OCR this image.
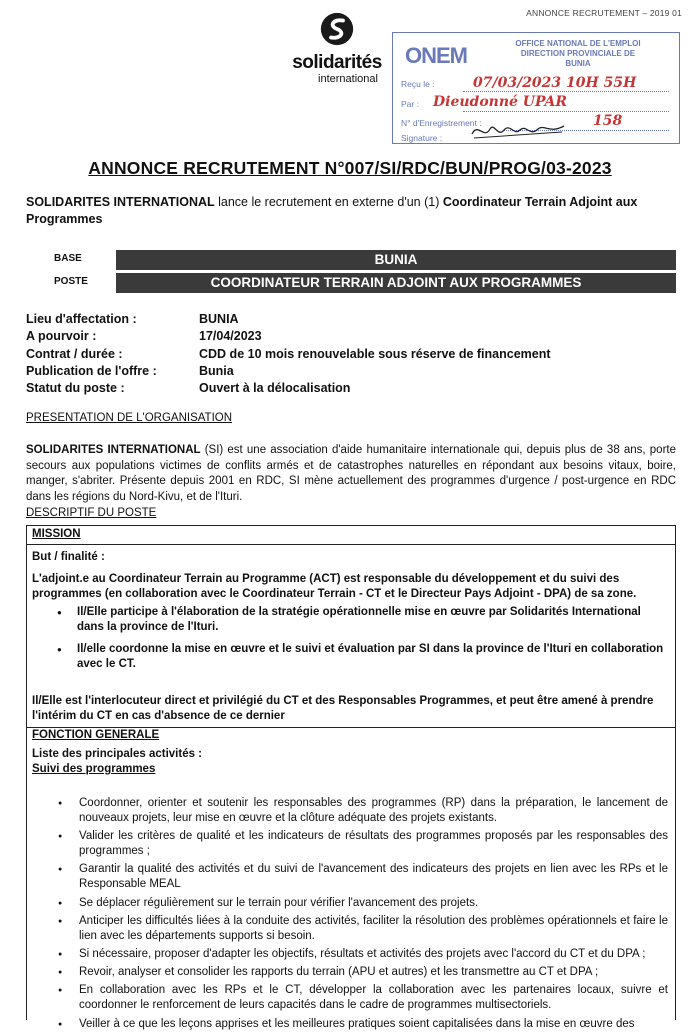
ANNONCE RECRUTEMENT – 2019 01
solidarités
international
ONEM	OFFICE NATIONAL DE L'EMPLOI
DIRECTION PROVINCIALE DE
BUNIA
Reçu le :	07/03/2023 10H 55H
Par : Dieudonné UPAR
N° d'Enregistrement :	158
Signature :
ANNONCE RECRUTEMENT N°007/SI/RDC/BUN/PROG/03-2023
SOLIDARITES INTERNATIONAL lance le recrutement en externe d'un (1) Coordinateur Terrain Adjoint aux Programmes
BASE	BUNIA
POSTE	COORDINATEUR TERRAIN ADJOINT AUX PROGRAMMES
Lieu d'affectation :	BUNIA
A pourvoir :	17/04/2023
Contrat / durée :	CDD de 10 mois renouvelable sous réserve de financement
Publication de l'offre :	Bunia
Statut du poste :	Ouvert à la délocalisation
PRESENTATION DE L'ORGANISATION
SOLIDARITES INTERNATIONAL (SI) est une association d'aide humanitaire internationale qui, depuis plus de 38 ans, porte secours aux populations victimes de conflits armés et de catastrophes naturelles en répondant aux besoins vitaux, boire, manger, s'abriter. Présente depuis 2001 en RDC, SI mène actuellement des programmes d'urgence / post-urgence en RDC dans les régions du Nord-Kivu, et de l'Ituri.
DESCRIPTIF DU POSTE
MISSION
But / finalité :
L'adjoint.e au Coordinateur Terrain au Programme (ACT) est responsable du développement et du suivi des programmes (en collaboration avec le Coordinateur Terrain - CT et le Directeur Pays Adjoint - DPA) de sa zone.
● Il/Elle participe à l'élaboration de la stratégie opérationnelle mise en œuvre par Solidarités International dans la province de l'Ituri.
● Il/elle coordonne la mise en œuvre et le suivi et évaluation par SI dans la province de l'Ituri en collaboration avec le CT.
Il/Elle est l'interlocuteur direct et privilégié du CT et des Responsables Programmes, et peut être amené à prendre l'intérim du CT en cas d'absence de ce dernier
FONCTION GENERALE
Liste des principales activités :
Suivi des programmes
● Coordonner, orienter et soutenir les responsables des programmes (RP) dans la préparation, le lancement de nouveaux projets, leur mise en œuvre et la clôture adéquate des projets existants.
● Valider les critères de qualité et les indicateurs de résultats des programmes proposés par les responsables des programmes ;
● Garantir la qualité des activités et du suivi de l'avancement des indicateurs des projets en lien avec les RPs et le Responsable MEAL
● Se déplacer régulièrement sur le terrain pour vérifier l'avancement des projets.
● Anticiper les difficultés liées à la conduite des activités, faciliter la résolution des problèmes opérationnels et faire le lien avec les départements supports si besoin.
● Si nécessaire, proposer d'adapter les objectifs, résultats et activités des projets avec l'accord du CT et du DPA ;
● Revoir, analyser et consolider les rapports du terrain (APU et autres) et les transmettre au CT et DPA ;
● En collaboration avec les RPs et le CT, développer la collaboration avec les partenaires locaux, suivre et coordonner le renforcement de leurs capacités dans le cadre de programmes multisectoriels.
● Veiller à ce que les leçons apprises et les meilleures pratiques soient capitalisées dans la mise en œuvre des
